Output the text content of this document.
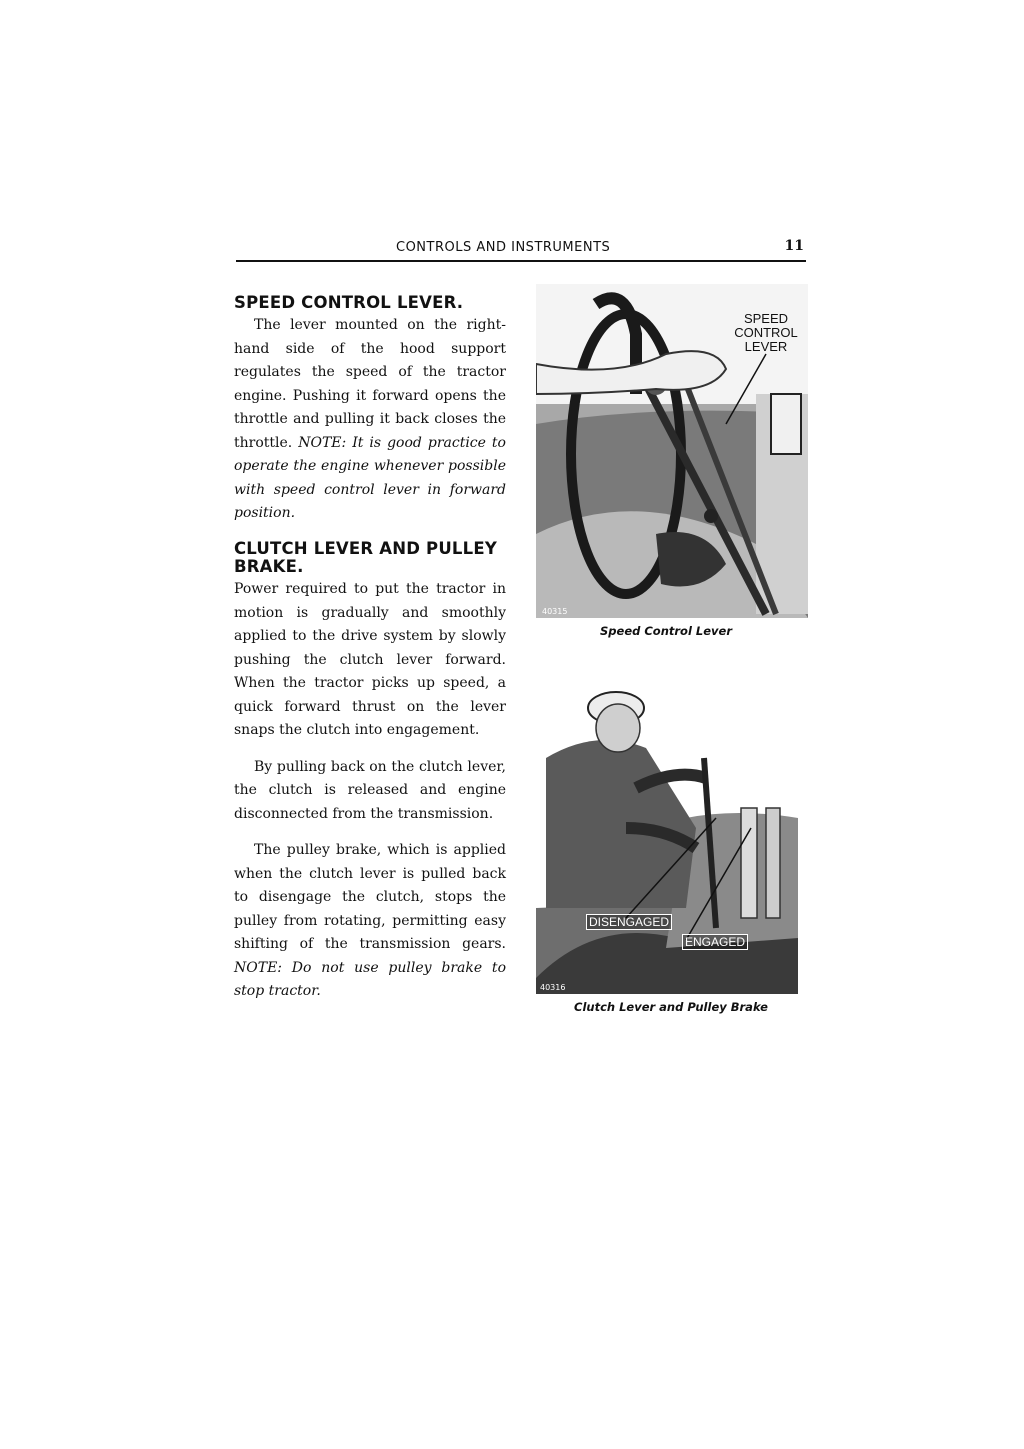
CONTROLS AND INSTRUMENTS	11
SPEED CONTROL LEVER.

The lever mounted on the right-hand side of the hood support regulates the speed of the tractor engine. Pushing it forward opens the throttle and pulling it back closes the throttle. NOTE: It is good practice to operate the engine whenever possible with speed control lever in forward position.

CLUTCH LEVER AND PULLEY BRAKE.

Power required to put the tractor in motion is gradually and smoothly applied to the drive system by slowly pushing the clutch lever forward. When the tractor picks up speed, a quick forward thrust on the lever snaps the clutch into engagement.

By pulling back on the clutch lever, the clutch is released and engine disconnected from the transmission.

The pulley brake, which is applied when the clutch lever is pulled back to disengage the clutch, stops the pulley from rotating, permitting easy shifting of the transmission gears. NOTE: Do not use pulley brake to stop tractor.

40315
SPEED
CONTROL
LEVER
Speed Control Lever
40316
DISENGAGED
ENGAGED
Clutch Lever and Pulley Brake
